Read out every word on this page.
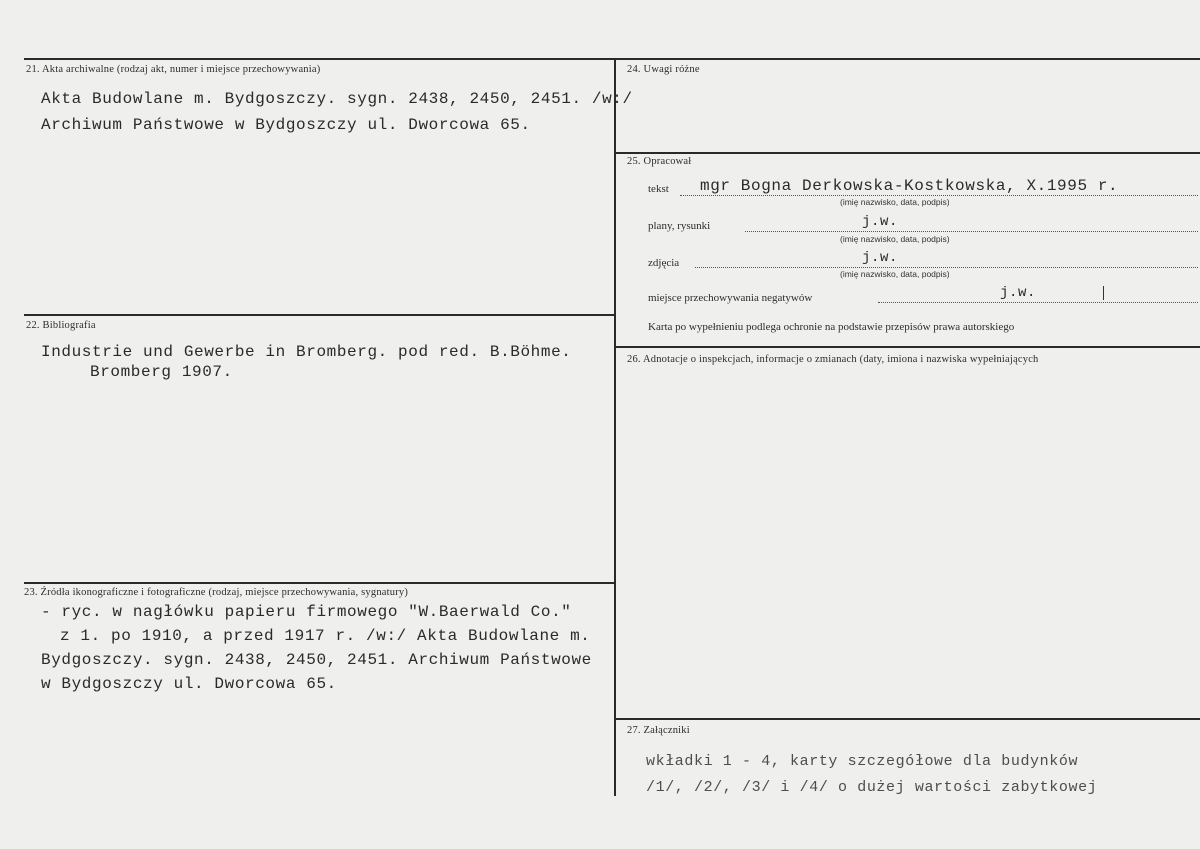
21. Akta archiwalne (rodzaj akt, numer i miejsce przechowywania)
Akta Budowlane m. Bydgoszczy. sygn. 2438, 2450, 2451. /w:/
Archiwum Państwowe w Bydgoszczy ul. Dworcowa 65.
22. Bibliografia
Industrie und Gewerbe in Bromberg. pod red. B.Böhme.
Bromberg 1907.
23. Źródła ikonograficzne i fotograficzne (rodzaj, miejsce przechowywania, sygnatury)
- ryc. w nagłówku papieru firmowego "W.Baerwald Co."
z 1. po 1910, a przed 1917 r. /w:/ Akta Budowlane m.
Bydgoszczy. sygn. 2438, 2450, 2451. Archiwum Państwowe
w Bydgoszczy ul. Dworcowa 65.
24. Uwagi różne
25. Opracował
tekst mgr Bogna Derkowska-Kostkowska, X.1995 r.
(imię nazwisko, data, podpis)
plany, rysunki	j.w.
(imię nazwisko, data, podpis)
zdjęcia	j.w.
(imię nazwisko, data, podpis)
miejsce przechowywania negatywów	j.w.
Karta po wypełnieniu podlega ochronie na podstawie przepisów prawa autorskiego
26. Adnotacje o inspekcjach, informacje o zmianach (daty, imiona i nazwiska wypełniających
27. Załączniki
wkładki 1 - 4, karty szczegółowe dla budynków
/1/, /2/, /3/ i /4/ o dużej wartości zabytkowej
